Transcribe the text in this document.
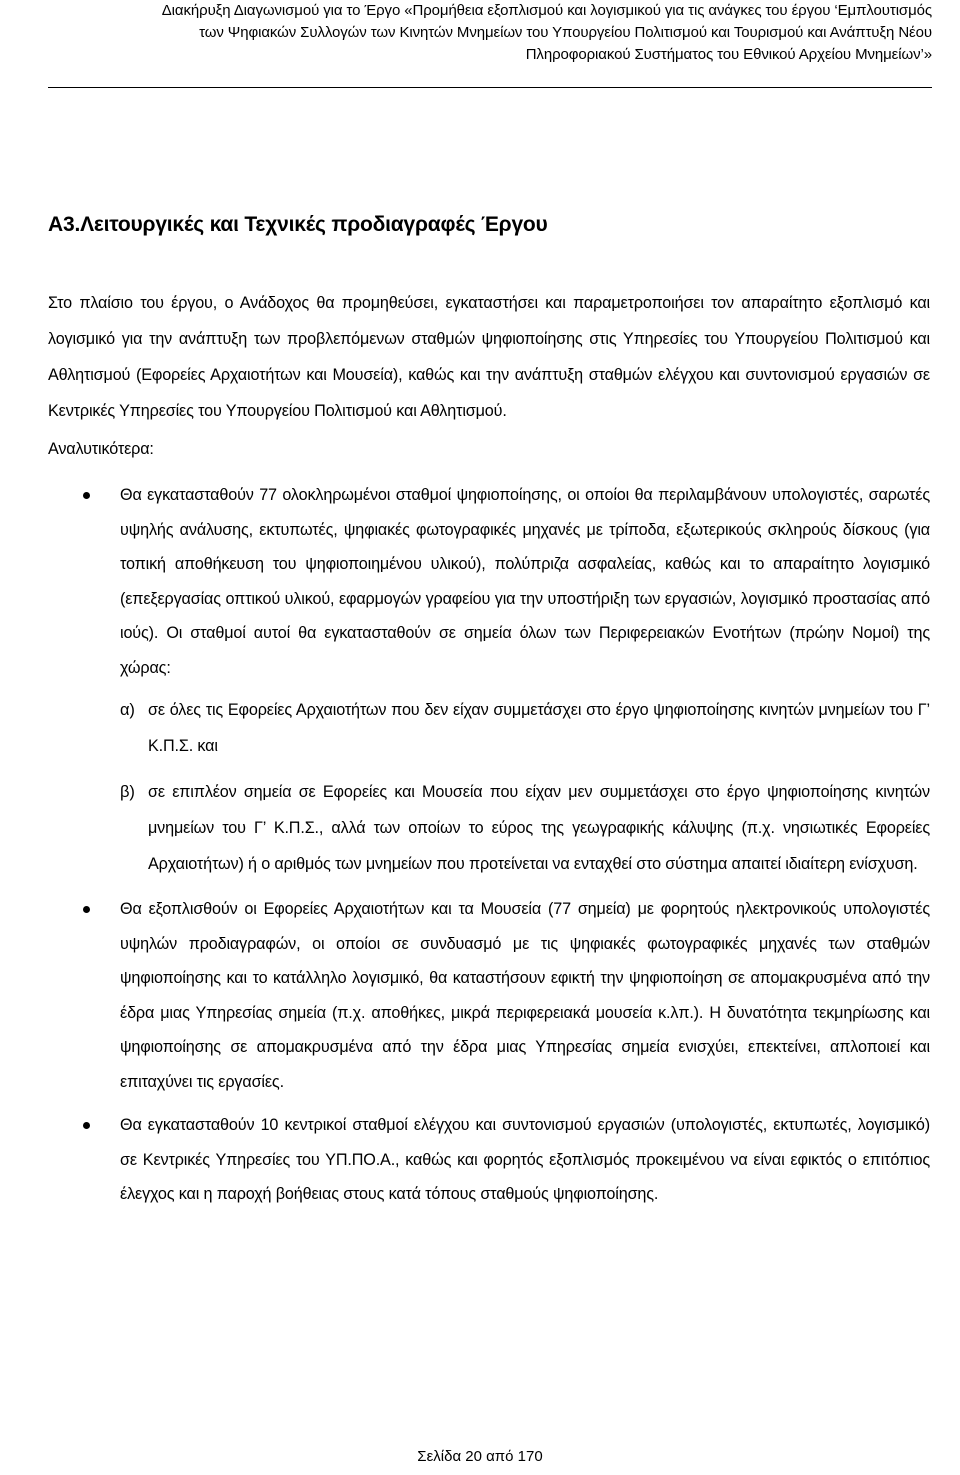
Διακήρυξη Διαγωνισμού για το Έργο «Προμήθεια εξοπλισμού και λογισμικού για τις ανάγκες του έργου ‘Εμπλουτισμός
των Ψηφιακών Συλλογών των Κινητών Μνημείων του Υπουργείου Πολιτισμού και Τουρισμού και Ανάπτυξη Νέου
Πληροφοριακού Συστήματος του Εθνικού Αρχείου Μνημείων’»
Α3.Λειτουργικές και Τεχνικές προδιαγραφές Έργου

Στο πλαίσιο του έργου, ο Ανάδοχος θα προμηθεύσει, εγκαταστήσει και παραμετροποιήσει τον απαραίτητο εξοπλισμό και λογισμικό για την ανάπτυξη των προβλεπόμενων σταθμών ψηφιοποίησης στις Υπηρεσίες του Υπουργείου Πολιτισμού και Αθλητισμού (Εφορείες Αρχαιοτήτων και Μουσεία), καθώς και την ανάπτυξη σταθμών ελέγχου και συντονισμού εργασιών σε Κεντρικές Υπηρεσίες του Υπουργείου Πολιτισμού και Αθλητισμού.

Αναλυτικότερα:

Θα εγκατασταθούν 77 ολοκληρωμένοι σταθμοί ψηφιοποίησης, οι οποίοι θα περιλαμβάνουν υπολογιστές, σαρωτές υψηλής ανάλυσης, εκτυπωτές, ψηφιακές φωτογραφικές μηχανές με τρίποδα, εξωτερικούς σκληρούς δίσκους (για τοπική αποθήκευση του ψηφιοποιημένου υλικού), πολύπριζα ασφαλείας, καθώς και το απαραίτητο λογισμικό (επεξεργασίας οπτικού υλικού, εφαρμογών γραφείου για την υποστήριξη των εργασιών, λογισμικό προστασίας από ιούς). Οι σταθμοί αυτοί θα εγκατασταθούν σε σημεία όλων των Περιφερειακών Ενοτήτων (πρώην Νομοί) της χώρας:

α) σε όλες τις Εφορείες Αρχαιοτήτων που δεν είχαν συμμετάσχει στο έργο ψηφιοποίησης κινητών μνημείων του Γ’ Κ.Π.Σ. και

β) σε επιπλέον σημεία σε Εφορείες και Μουσεία που είχαν μεν συμμετάσχει στο έργο ψηφιοποίησης κινητών μνημείων του Γ’ Κ.Π.Σ., αλλά των οποίων το εύρος της γεωγραφικής κάλυψης (π.χ. νησιωτικές Εφορείες Αρχαιοτήτων) ή ο αριθμός των μνημείων που προτείνεται να ενταχθεί στο σύστημα απαιτεί ιδιαίτερη ενίσχυση.

Θα εξοπλισθούν οι Εφορείες Αρχαιοτήτων και τα Μουσεία (77 σημεία) με φορητούς ηλεκτρονικούς υπολογιστές υψηλών προδιαγραφών, οι οποίοι σε συνδυασμό με τις ψηφιακές φωτογραφικές μηχανές των σταθμών ψηφιοποίησης και το κατάλληλο λογισμικό, θα καταστήσουν εφικτή την ψηφιοποίηση σε απομακρυσμένα από την έδρα μιας Υπηρεσίας σημεία (π.χ. αποθήκες, μικρά περιφερειακά μουσεία κ.λπ.). Η δυνατότητα τεκμηρίωσης και ψηφιοποίησης σε απομακρυσμένα από την έδρα μιας Υπηρεσίας σημεία ενισχύει, επεκτείνει, απλοποιεί και επιταχύνει τις εργασίες.

Θα εγκατασταθούν 10 κεντρικοί σταθμοί ελέγχου και συντονισμού εργασιών (υπολογιστές, εκτυπωτές, λογισμικό) σε Κεντρικές Υπηρεσίες του ΥΠ.ΠΟ.Α., καθώς και φορητός εξοπλισμός προκειμένου να είναι εφικτός ο επιτόπιος έλεγχος και η παροχή βοήθειας στους κατά τόπους σταθμούς ψηφιοποίησης.

Σελίδα 20 από 170
